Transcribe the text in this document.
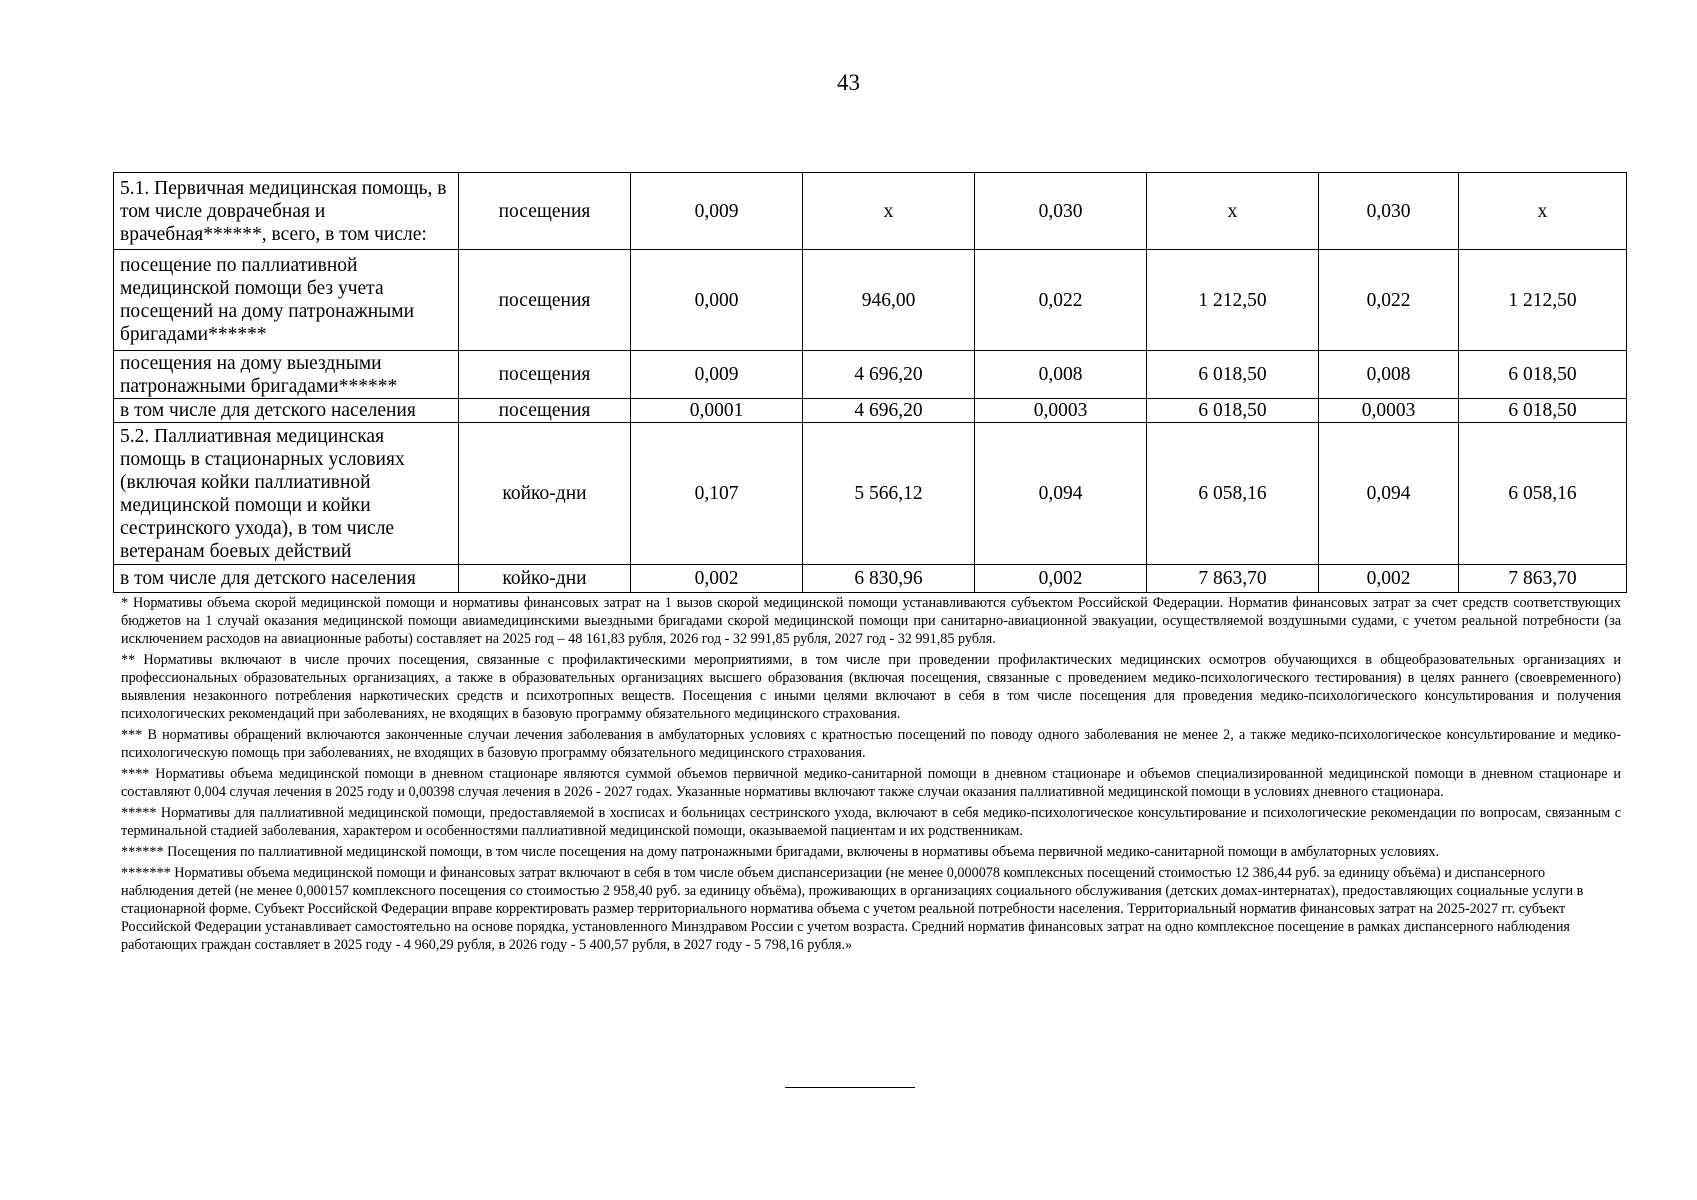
43
5.1. Первичная медицинская помощь, в том числе доврачебная и врачебная******, всего, в том числе:	посещения	0,009	х	0,030	х	0,030	х
посещение по паллиативной медицинской помощи без учета посещений на дому патронажными бригадами******	посещения	0,000	946,00	0,022	1 212,50	0,022	1 212,50
посещения на дому выездными патронажными бригадами******	посещения	0,009	4 696,20	0,008	6 018,50	0,008	6 018,50
в том числе для детского населения	посещения	0,0001	4 696,20	0,0003	6 018,50	0,0003	6 018,50
5.2. Паллиативная медицинская помощь в стационарных условиях (включая койки паллиативной медицинской помощи и койки сестринского ухода), в том числе ветеранам боевых действий	койко-дни	0,107	5 566,12	0,094	6 058,16	0,094	6 058,16
в том числе для детского населения	койко-дни	0,002	6 830,96	0,002	7 863,70	0,002	7 863,70

* Нормативы объема скорой медицинской помощи и нормативы финансовых затрат на 1 вызов скорой медицинской помощи устанавливаются субъектом Российской Федерации. Норматив финансовых затрат за счет средств соответствующих бюджетов на 1 случай оказания медицинской помощи авиамедицинскими выездными бригадами скорой медицинской помощи при санитарно-авиационной эвакуации, осуществляемой воздушными судами, с учетом реальной потребности (за исключением расходов на авиационные работы) составляет на 2025 год – 48 161,83 рубля, 2026 год - 32 991,85 рубля, 2027 год - 32 991,85 рубля.

** Нормативы включают в числе прочих посещения, связанные с профилактическими мероприятиями, в том числе при проведении профилактических медицинских осмотров обучающихся в общеобразовательных организациях и профессиональных образовательных организациях, а также в образовательных организациях высшего образования (включая посещения, связанные с проведением медико-психологического тестирования) в целях раннего (своевременного) выявления незаконного потребления наркотических средств и психотропных веществ. Посещения с иными целями включают в себя в том числе посещения для проведения медико-психологического консультирования и получения психологических рекомендаций при заболеваниях, не входящих в базовую программу обязательного медицинского страхования.

*** В нормативы обращений включаются законченные случаи лечения заболевания в амбулаторных условиях с кратностью посещений по поводу одного заболевания не менее 2, а также медико-психологическое консультирование и медико-психологическую помощь при заболеваниях, не входящих в базовую программу обязательного медицинского страхования.

**** Нормативы объема медицинской помощи в дневном стационаре являются суммой объемов первичной медико-санитарной помощи в дневном стационаре и объемов специализированной медицинской помощи в дневном стационаре и составляют 0,004 случая лечения в 2025 году и 0,00398 случая лечения в 2026 - 2027 годах. Указанные нормативы включают также случаи оказания паллиативной медицинской помощи в условиях дневного стационара.

***** Нормативы для паллиативной медицинской помощи, предоставляемой в хосписах и больницах сестринского ухода, включают в себя медико-психологическое консультирование и психологические рекомендации по вопросам, связанным с терминальной стадией заболевания, характером и особенностями паллиативной медицинской помощи, оказываемой пациентам и их родственникам.

****** Посещения по паллиативной медицинской помощи, в том числе посещения на дому патронажными бригадами, включены в нормативы объема первичной медико-санитарной помощи в амбулаторных условиях.

******* Нормативы объема медицинской помощи и финансовых затрат включают в себя в том числе объем диспансеризации (не менее 0,000078 комплексных посещений стоимостью 12 386,44 руб. за единицу объёма) и диспансерного наблюдения детей (не менее 0,000157 комплексного посещения со стоимостью 2 958,40 руб. за единицу объёма), проживающих в организациях социального обслуживания (детских домах-интернатах), предоставляющих социальные услуги в стационарной форме. Субъект Российской Федерации вправе корректировать размер территориального норматива объема с учетом реальной потребности населения. Территориальный норматив финансовых затрат на 2025-2027 гг. субъект Российской Федерации устанавливает самостоятельно на основе порядка, установленного Минздравом России с учетом возраста. Средний норматив финансовых затрат на одно комплексное посещение в рамках диспансерного наблюдения работающих граждан составляет в 2025 году - 4 960,29 рубля, в 2026 году - 5 400,57 рубля, в 2027 году - 5 798,16 рубля.»
